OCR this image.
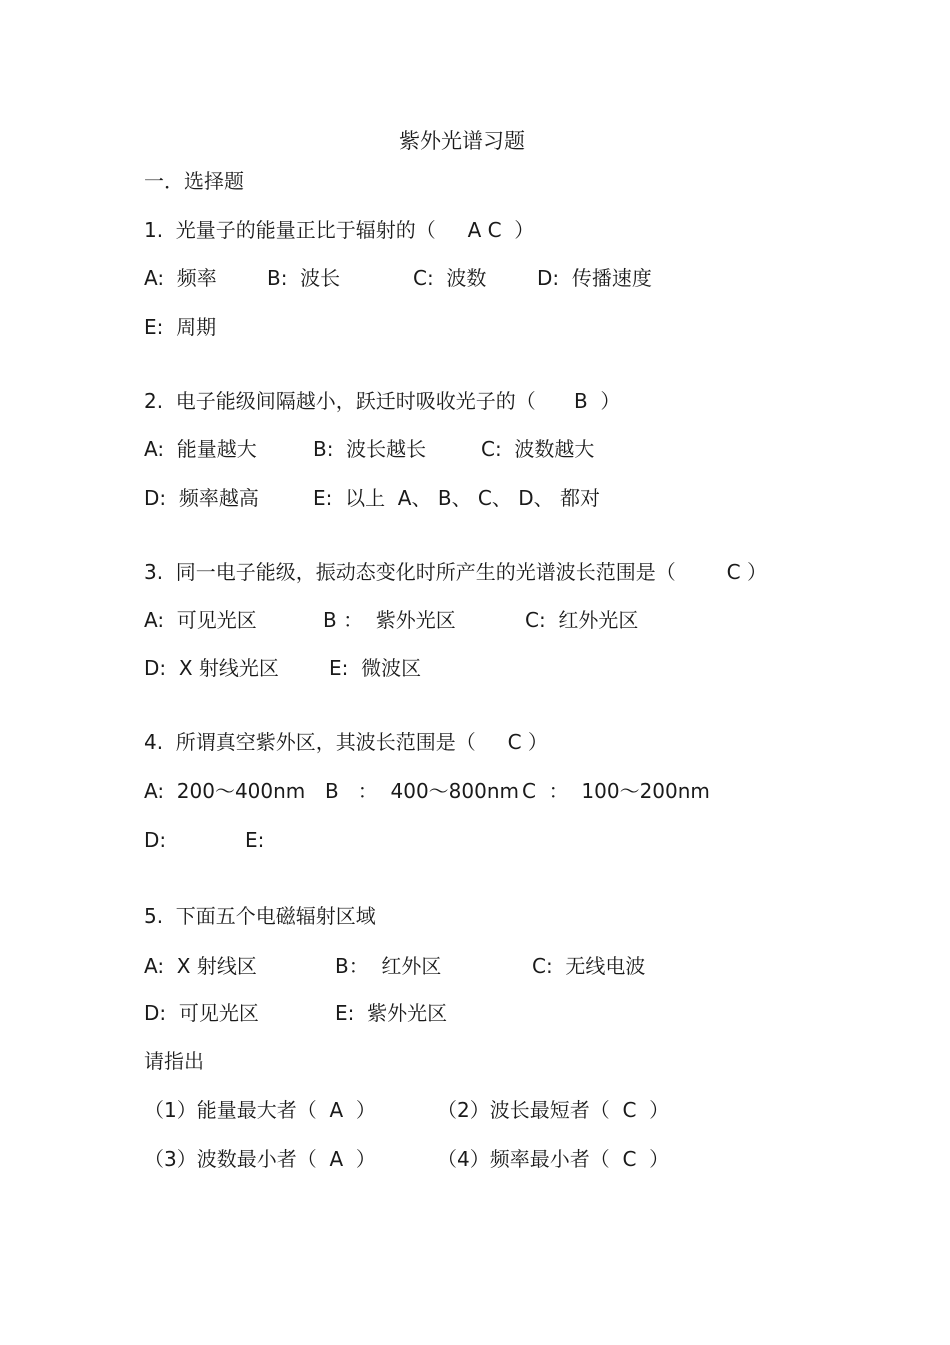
紫外光谱习题
一．选择题
1.  光量子的能量正比于辐射的（     A C  ）
A:  频率	B:  波长	C:  波数	D:  传播速度
E:  周期
2.  电子能级间隔越小，跃迁时吸收光子的（      B  ）
A:  能量越大	B:  波长越长	C:  波数越大
D:  频率越高	E:  以上  A、 B、 C、 D、 都对
3.  同一电子能级，振动态变化时所产生的光谱波长范围是（        C ）
A:  可见光区	B ：  紫外光区	C:  红外光区
D:  X 射线光区	E:  微波区
4.  所谓真空紫外区，其波长范围是（     C ）
A:  200～400nm B   ：  400～800nm C  ：  100～200nm
D:	E:
5.  下面五个电磁辐射区域
A:  X 射线区	B：  红外区	C:  无线电波
D:  可见光区	E:  紫外光区
请指出
（1）能量最大者（  A  ）	（2）波长最短者（  C  ）
（3）波数最小者（  A  ）	（4）频率最小者（  C  ）
